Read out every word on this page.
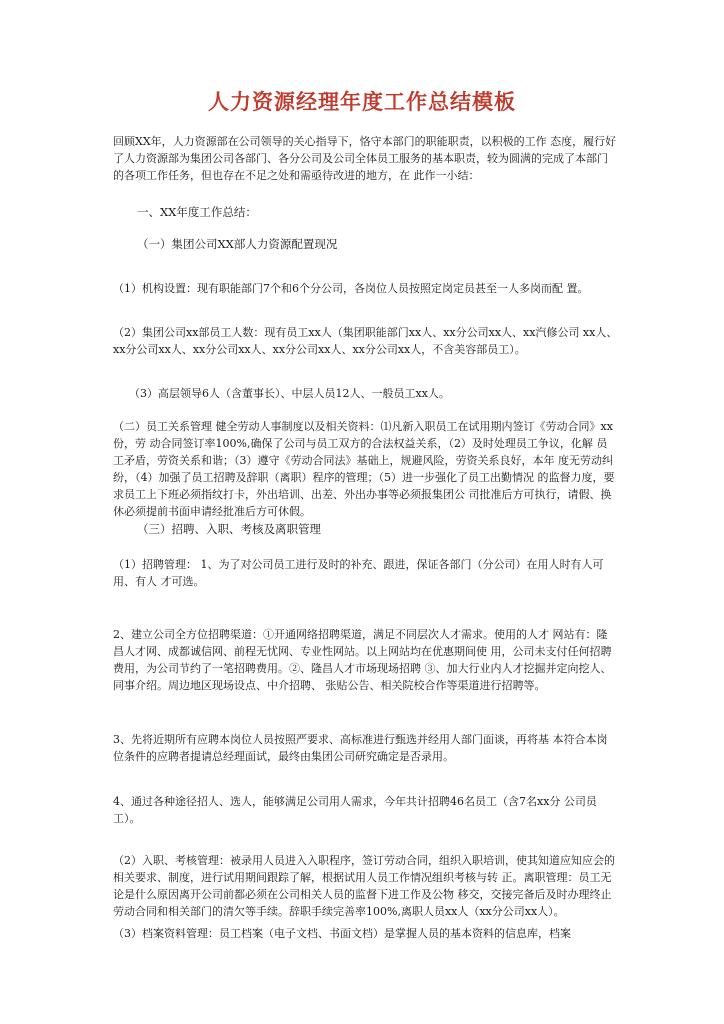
人力资源经理年度工作总结模板

回顾XX年，人力资源部在公司领导的关心指导下，恪守本部门的职能职责，以积极的工作 态度，履行好了人力资源部为集团公司各部门、各分公司及公司全体员工服务的基本职责，较为圆满的完成了本部门的各项工作任务，但也存在不足之处和需亟待改进的地方，在 此作一小结：

一、XX年度工作总结：

（一）集团公司XX部人力资源配置现况

（1）机构设置：现有职能部门7个和6个分公司，各岗位人员按照定岗定员甚至一人多岗而配 置。

（2）集团公司xx部员工人数：现有员工xx人（集团职能部门xx人、xx分公司xx人、xx汽修公司 xx人、xx分公司xx人、xx分公司xx人、xx分公司xx人、xx分公司xx人，不含美容部员工）。

（3）高层领导6人（含董事长）、中层人员12人、一般员工xx人。

（二）员工关系管理 健全劳动人事制度以及相关资料：⑴凡新入职员工在试用期内签订《劳动合同》xx份，劳 动合同签订率100%,确保了公司与员工双方的合法权益关系，（2）及时处理员工争议，化解 员工矛盾，劳资关系和谐；（3）遵守《劳动合同法》基础上，规避风险，劳资关系良好，本年 度无劳动纠纷，（4）加强了员工招聘及辞职（离职）程序的管理；（5）进一步强化了员工出勤情况 的监督力度，要求员工上下班必须指纹打卡，外出培训、出差、外出办事等必须报集团公 司批准后方可执行，请假、换休必须提前书面申请经批准后方可休假。

（三）招聘、入职、考核及离职管理

（1）招聘管理： 1、为了对公司员工进行及时的补充、跟进，保证各部门（分公司）在用人时有人可用、有人 才可选。

2、建立公司全方位招聘渠道：①开通网络招聘渠道，满足不同层次人才需求。使用的人才 网站有：隆昌人才网、成都诚信网、前程无忧网、专业性网站。以上网站均在优惠期间使 用，公司未支付任何招聘费用，为公司节约了一笔招聘费用。②、隆昌人才市场现场招聘 ③、加大行业内人才挖掘并定向挖人、同事介绍。周边地区现场设点、中介招聘、 张贴公告、相关院校合作等渠道进行招聘等。

3、先将近期所有应聘本岗位人员按照严要求、高标准进行甄选并经用人部门面谈，再将基 本符合本岗位条件的应聘者提请总经理面试，最终由集团公司研究确定是否录用。

4、通过各种途径招人、选人，能够满足公司用人需求，今年共计招聘46名员工（含7名xx分 公司员工）。

（2）入职、考核管理：被录用人员进入入职程序，签订劳动合同，组织入职培训，使其知道应知应会的相关要求、制度，进行试用期间跟踪了解，根据试用人员工作情况组织考核与转 正。离职管理：员工无论是什么原因离开公司前都必须在公司相关人员的监督下进工作及公物 移交，交接完备后及时办理终止劳动合同和相关部门的清欠等手续。辞职手续完善率100%,离职人员xx人（xx分公司xx人）。

（3）档案资料管理：员工档案（电子文档、书面文档）是掌握人员的基本资料的信息库，档案
